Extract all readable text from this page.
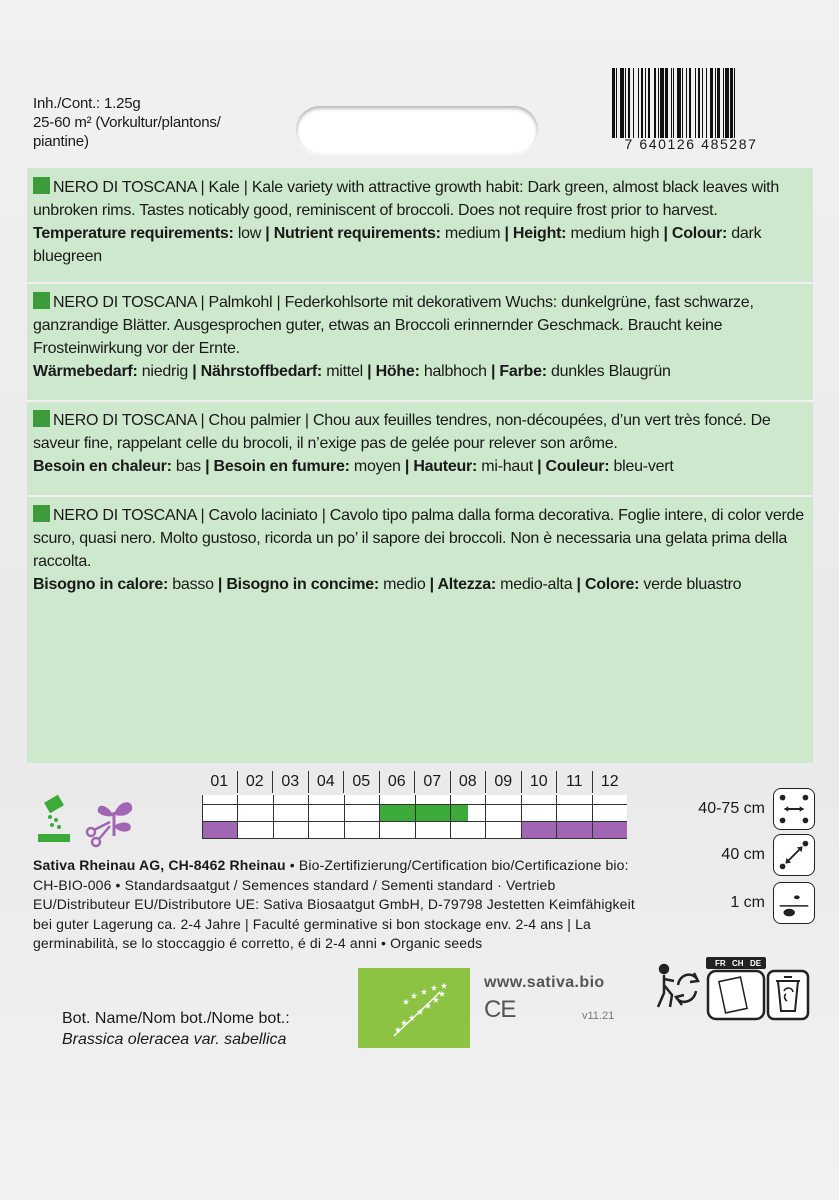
Inh./Cont.: 1.25g
25-60 m² (Vorkultur/plantons/
piantine)	7 640126 485287
NERO DI TOSCANA | Kale | Kale variety with attractive growth habit: Dark green, almost black leaves with unbroken rims. Tastes noticably good, reminiscent of broccoli. Does not require frost prior to harvest.
Temperature requirements: low | Nutrient requirements: medium | Height: medium high | Colour: dark bluegreen
NERO DI TOSCANA | Palmkohl | Federkohlsorte mit dekorativem Wuchs: dunkelgrüne, fast schwarze, ganzrandige Blätter. Ausgesprochen guter, etwas an Broccoli erinnernder Geschmack. Braucht keine Frosteinwirkung vor der Ernte.
Wärmebedarf: niedrig | Nährstoffbedarf: mittel | Höhe: halbhoch | Farbe: dunkles Blaugrün
NERO DI TOSCANA | Chou palmier | Chou aux feuilles tendres, non-découpées, d’un vert très foncé. De saveur fine, rappelant celle du brocoli, il n’exige pas de gelée pour relever son arôme.
Besoin en chaleur: bas | Besoin en fumure: moyen | Hauteur: mi-haut | Couleur: bleu-vert
NERO DI TOSCANA | Cavolo laciniato | Cavolo tipo palma dalla forma decorativa. Foglie intere, di color verde scuro, quasi nero. Molto gustoso, ricorda un po’ il sapore dei broccoli. Non è necessaria una gelata prima della raccolta.
Bisogno in calore: basso | Bisogno in concime: medio | Altezza: medio-alta | Colore: verde bluastro
01	02	03	04	05	06	07	08	09	10	11	12
40-75 cm
40 cm
1 cm
Sativa Rheinau AG, CH-8462 Rheinau • Bio-Zertifizierung/Certification bio/Certificazione bio: CH-BIO-006 • Standardsaatgut / Semences standard / Sementi standard · Vertrieb EU/Distributeur EU/Distributore UE: Sativa Biosaatgut GmbH, D-79798 Jestetten Keimfähigkeit bei guter Lagerung ca. 2-4 Jahre | Faculté germinative si bon stockage env. 2-4 ans | La germinabilità, se lo stoccaggio é corretto, é di 2-4 anni • Organic seeds
FR CH DE
www.sativa.bio
CE	v11.21
Bot. Name/Nom bot./Nome bot.:
Brassica oleracea var. sabellica
